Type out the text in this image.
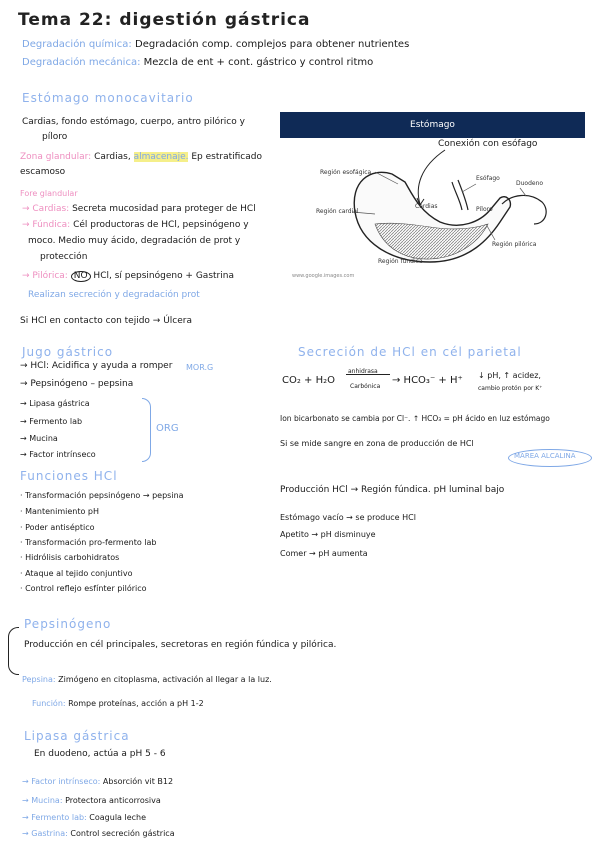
Tema 22: digestión gástrica
Degradación química: Degradación comp. complejos para obtener nutrientes
Degradación mecánica: Mezcla de ent + cont. gástrico y control ritmo
Estómago monocavitario
Cardias, fondo estómago, cuerpo, antro pilórico y
píloro
Zona glandular: Cardias, almacenaje. Ep estratificado
escamoso
Fore glandular
→ Cardias: Secreta mucosidad para proteger de HCl
→ Fúndica: Cél productoras de HCl, pepsinógeno y
moco. Medio muy ácido, degradación de prot y
protección
→ Pilórica: NO HCl, sí pepsinógeno + Gastrina
Realizan secreción y degradación prot
Si HCl en contacto con tejido → Úlcera
Estómago
Conexión con esófago
Región esofágica
Esófago
Duodeno
Cardias	Píloro
Región cardial
Región pilórica
Región fúndica
www.google.images.com
Jugo gástrico
→ HCl: Acidifica y ayuda a romper
→ Pepsinógeno – pepsina
→ Lipasa gástrica
→ Fermento lab
→ Mucina
→ Factor intrínseco
MOR.G
ORG
Funciones HCl
· Transformación pepsinógeno → pepsina
· Mantenimiento pH
· Poder antiséptico
· Transformación pro-fermento lab
· Hidrólisis carbohidratos
· Ataque al tejido conjuntivo
· Control reflejo esfínter pilórico
Secreción de HCl en cél parietal
CO₂ + H₂O
anhidrasa
Carbónica
→ HCO₃⁻ + H⁺ ↓ pH, ↑ acidez,
cambio protón por K⁺
Ion bicarbonato se cambia por Cl⁻. ↑ HCO₃ = pH ácido en luz estómago
Si se mide sangre en zona de producción de HCl
MAREA ALCALINA
Producción HCl → Región fúndica. pH luminal bajo
Estómago vacío → se produce HCl
Apetito → pH disminuye
Comer → pH aumenta
Pepsinógeno
Producción en cél principales, secretoras en región fúndica y pilórica.
Pepsina: Zimógeno en citoplasma, activación al llegar a la luz.
Función: Rompe proteínas, acción a pH 1-2
Lipasa gástrica
En duodeno, actúa a pH 5 - 6
→ Factor intrínseco: Absorción vit B12
→ Mucina: Protectora anticorrosiva
→ Fermento lab: Coagula leche
→ Gastrina: Control secreción gástrica
